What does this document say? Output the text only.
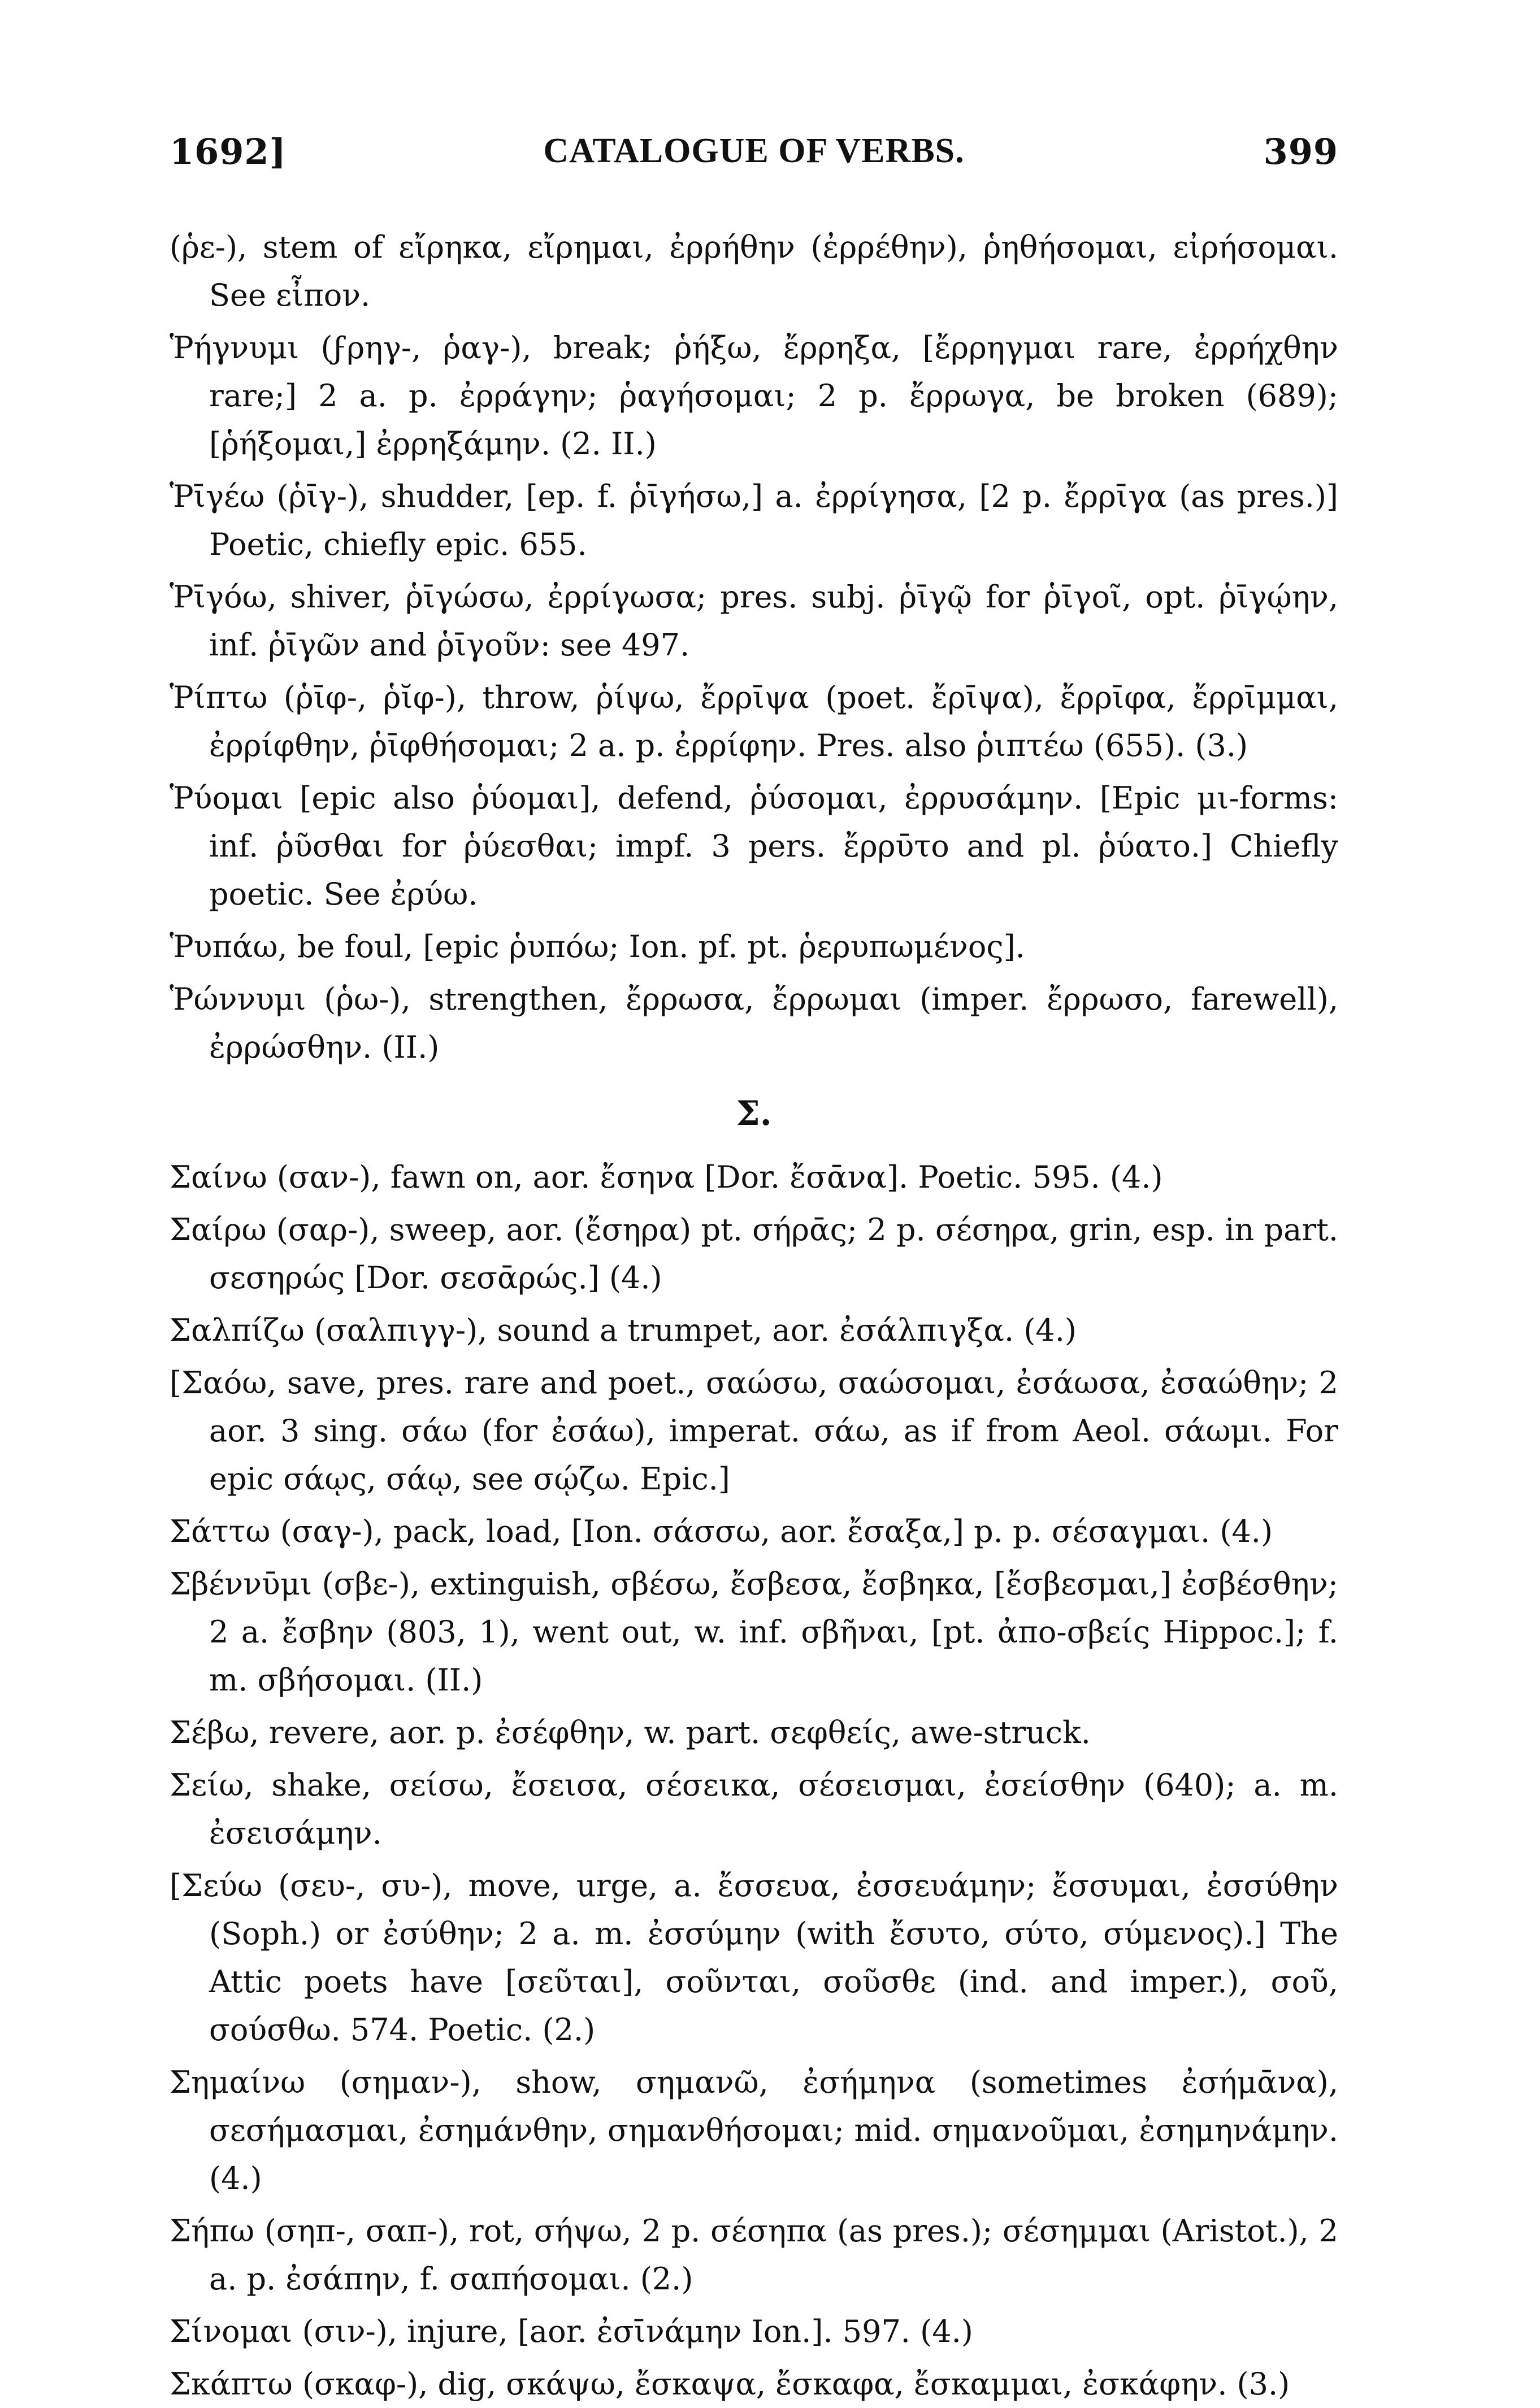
1692]	CATALOGUE OF VERBS.	399

(ῥε-), stem of εἴρηκα, εἴρημαι, ἐρρήθην (ἐρρέθην), ῥηθήσομαι, εἰρήσομαι. See εἶπον.

Ῥήγνυμι (ϝρηγ-, ῥαγ-), break; ῥήξω, ἔρρηξα, [ἔρρηγμαι rare, ἐρρήχθην rare;] 2 a. p. ἐρράγην; ῥαγήσομαι; 2 p. ἔρρωγα, be broken (689); [ῥήξομαι,] ἐρρηξάμην. (2. II.)

Ῥῑγέω (ῥῑγ-), shudder, [ep. f. ῥῑγήσω,] a. ἐρρίγησα, [2 p. ἔρρῑγα (as pres.)] Poetic, chiefly epic. 655.

Ῥῑγόω, shiver, ῥῑγώσω, ἐρρίγωσα; pres. subj. ῥῑγῷ for ῥῑγοῖ, opt. ῥῑγῴην, inf. ῥῑγῶν and ῥῑγοῦν: see 497.

Ῥίπτω (ῥῑφ-, ῥῐφ-), throw, ῥίψω, ἔρρῑψα (poet. ἔρῑψα), ἔρρῑφα, ἔρρῑμμαι, ἐρρίφθην, ῥῑφθήσομαι; 2 a. p. ἐρρίφην. Pres. also ῥιπτέω (655). (3.)

Ῥύομαι [epic also ῥύομαι], defend, ῥύσομαι, ἐρρυσάμην. [Epic μι-forms: inf. ῥῦσθαι for ῥύεσθαι; impf. 3 pers. ἔρρῡτο and pl. ῥύατο.] Chiefly poetic. See ἐρύω.

Ῥυπάω, be foul, [epic ῥυπόω; Ion. pf. pt. ῥερυπωμένος].

Ῥώννυμι (ῥω-), strengthen, ἔρρωσα, ἔρρωμαι (imper. ἔρρωσο, farewell), ἐρρώσθην. (II.)

Σ.

Σαίνω (σαν-), fawn on, aor. ἔσηνα [Dor. ἔσᾱνα]. Poetic. 595. (4.)

Σαίρω (σαρ-), sweep, aor. (ἔσηρα) pt. σήρᾱς; 2 p. σέσηρα, grin, esp. in part. σεσηρώς [Dor. σεσᾱρώς.] (4.)

Σαλπίζω (σαλπιγγ-), sound a trumpet, aor. ἐσάλπιγξα. (4.)

[Σαόω, save, pres. rare and poet., σαώσω, σαώσομαι, ἐσάωσα, ἐσαώθην; 2 aor. 3 sing. σάω (for ἐσάω), imperat. σάω, as if from Aeol. σάωμι. For epic σάῳς, σάῳ, see σῴζω. Epic.]

Σάττω (σαγ-), pack, load, [Ion. σάσσω, aor. ἔσαξα,] p. p. σέσαγμαι. (4.)

Σβέννῡμι (σβε-), extinguish, σβέσω, ἔσβεσα, ἔσβηκα, [ἔσβεσμαι,] ἐσβέσθην; 2 a. ἔσβην (803, 1), went out, w. inf. σβῆναι, [pt. ἀπο-σβείς Hippoc.]; f. m. σβήσομαι. (II.)

Σέβω, revere, aor. p. ἐσέφθην, w. part. σεφθείς, awe-struck.

Σείω, shake, σείσω, ἔσεισα, σέσεικα, σέσεισμαι, ἐσείσθην (640); a. m. ἐσεισάμην.

[Σεύω (σευ-, συ-), move, urge, a. ἔσσευα, ἐσσευάμην; ἔσσυμαι, ἐσσύθην (Soph.) or ἐσύθην; 2 a. m. ἐσσύμην (with ἔσυτο, σύτο, σύμενος).] The Attic poets have [σεῦται], σοῦνται, σοῦσθε (ind. and imper.), σοῦ, σούσθω. 574. Poetic. (2.)

Σημαίνω (σημαν-), show, σημανῶ, ἐσήμηνα (sometimes ἐσήμᾱνα), σεσήμασμαι, ἐσημάνθην, σημανθήσομαι; mid. σημανοῦμαι, ἐσημηνάμην. (4.)

Σήπω (σηπ-, σαπ-), rot, σήψω, 2 p. σέσηπα (as pres.); σέσημμαι (Aristot.), 2 a. p. ἐσάπην, f. σαπήσομαι. (2.)

Σίνομαι (σιν-), injure, [aor. ἐσῑνάμην Ion.]. 597. (4.)

Σκάπτω (σκαφ-), dig, σκάψω, ἔσκαψα, ἔσκαφα, ἔσκαμμαι, ἐσκάφην. (3.)
